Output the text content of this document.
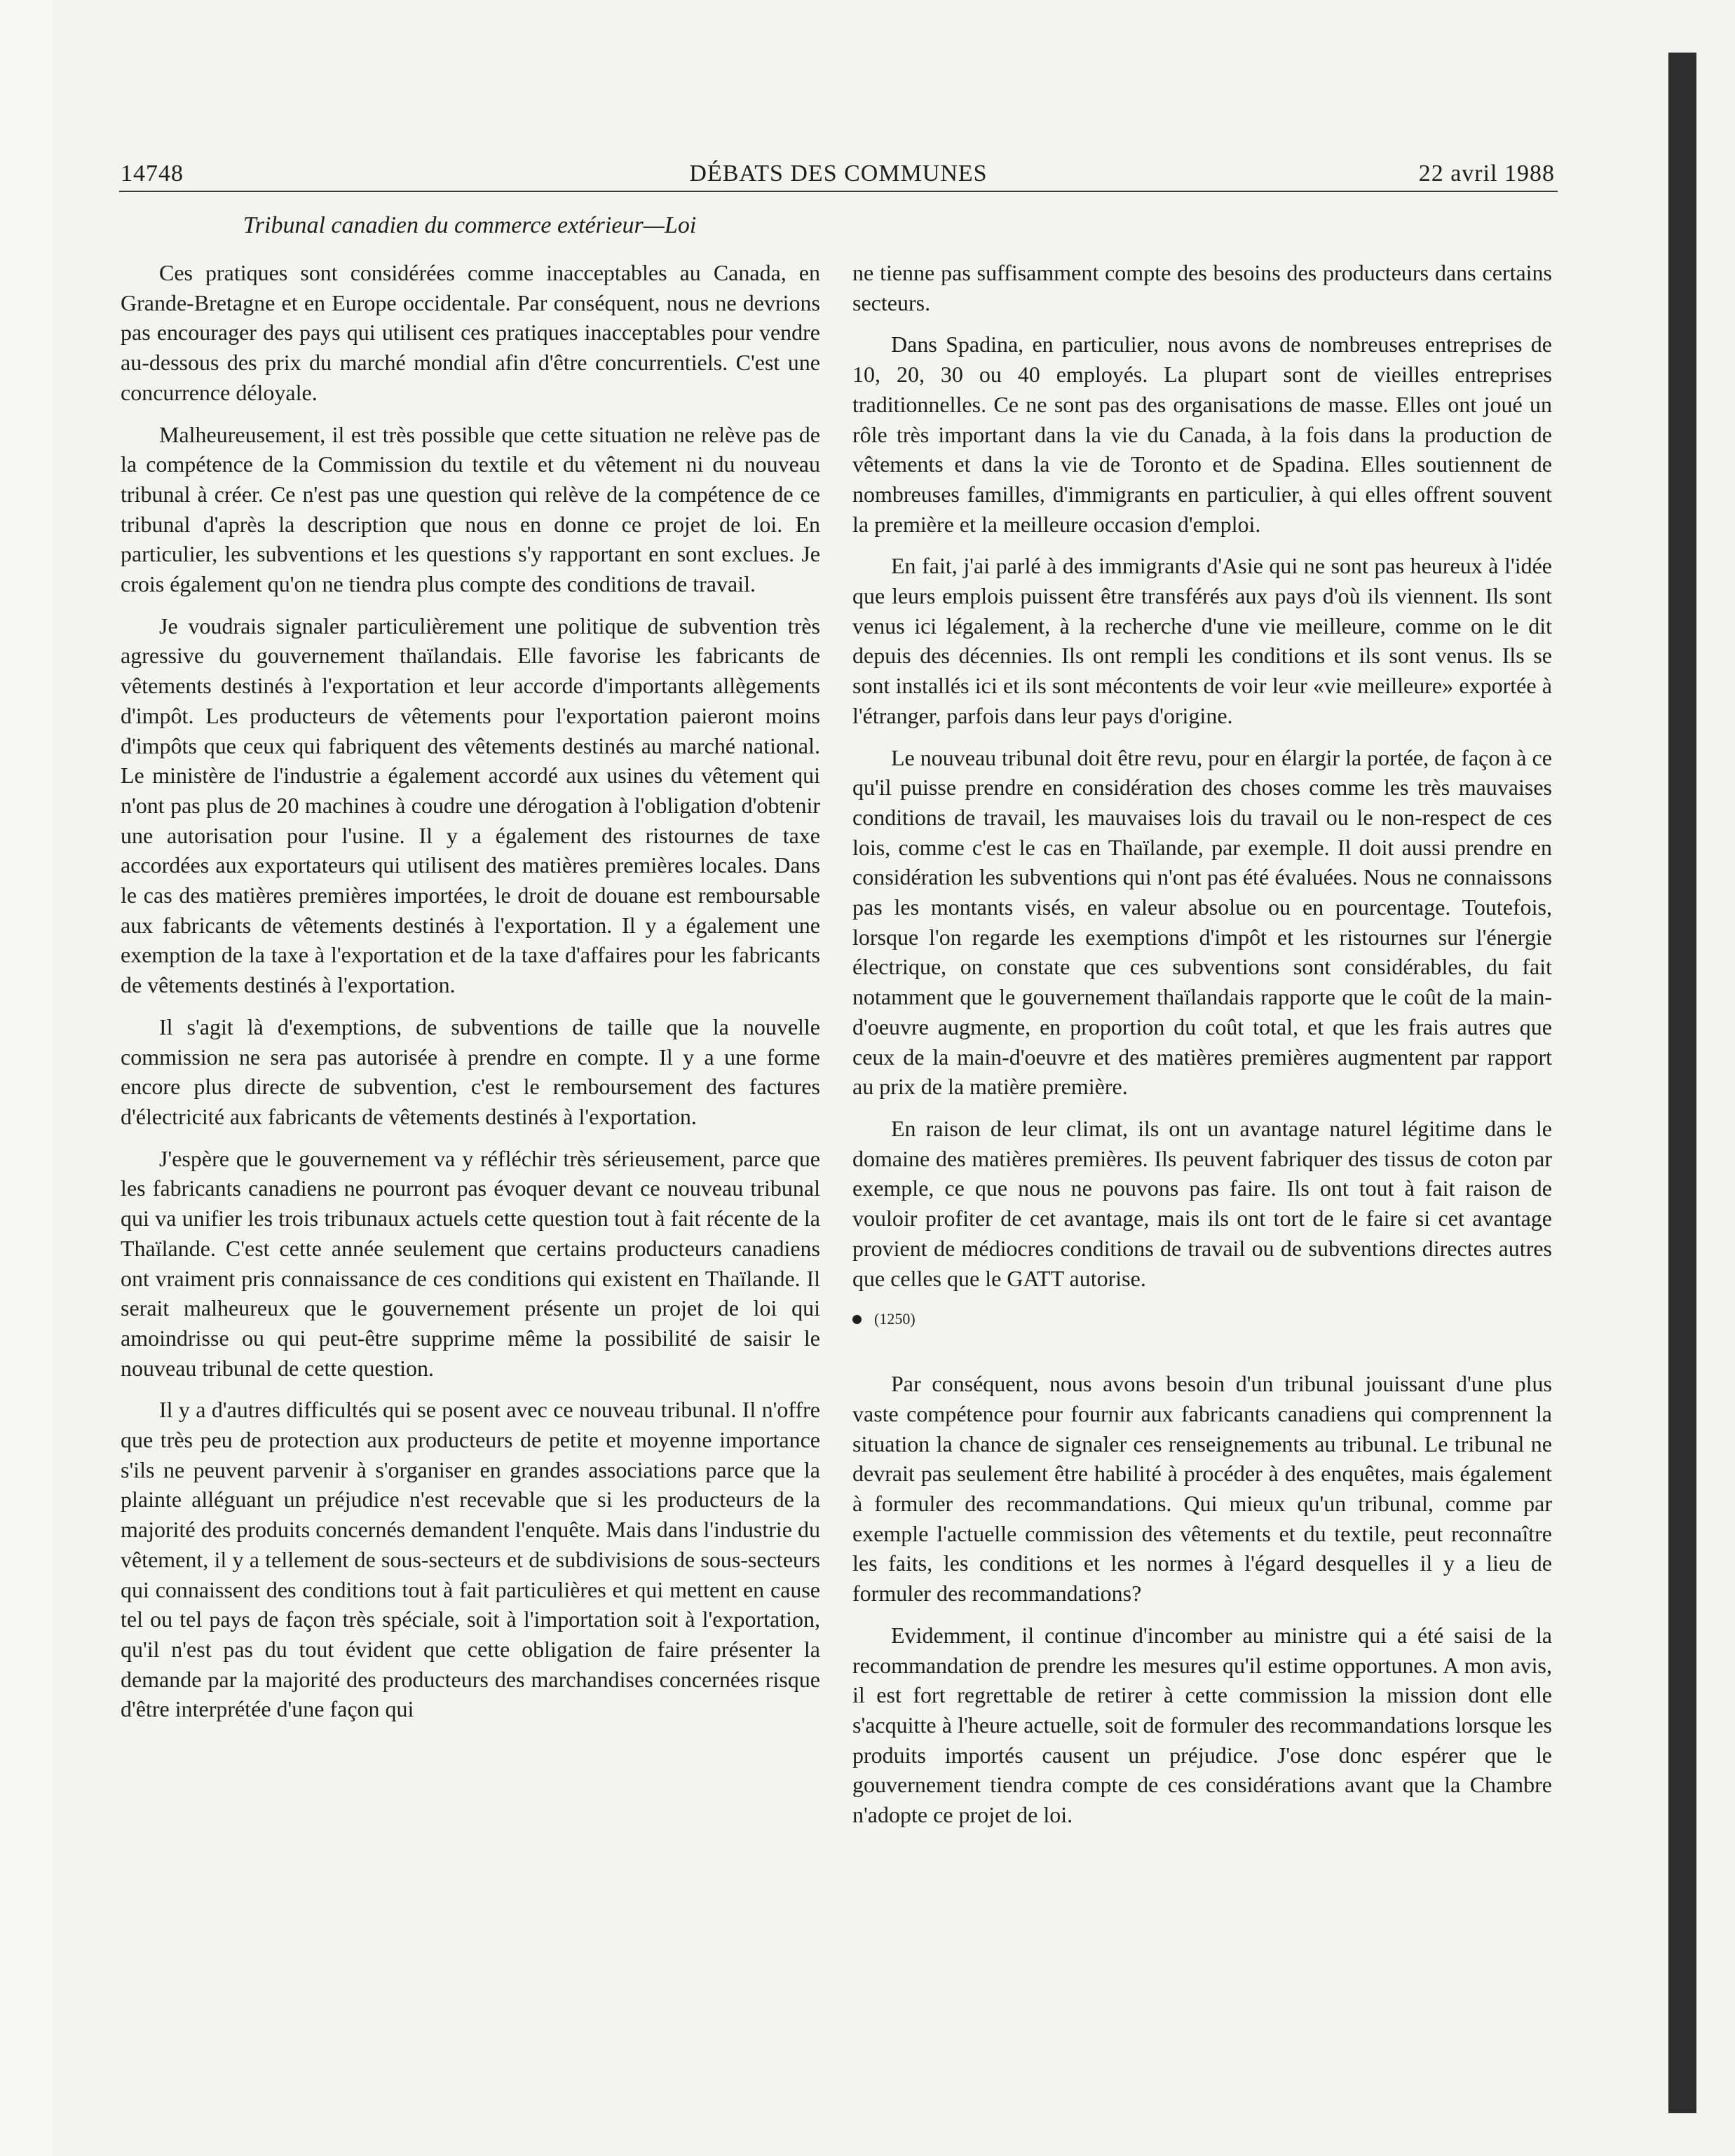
14748	DÉBATS DES COMMUNES	22 avril 1988
Tribunal canadien du commerce extérieur—Loi

Ces pratiques sont considérées comme inacceptables au Canada, en Grande-Bretagne et en Europe occidentale. Par conséquent, nous ne devrions pas encourager des pays qui utilisent ces pratiques inacceptables pour vendre au-dessous des prix du marché mondial afin d'être concurrentiels. C'est une concurrence déloyale.

Malheureusement, il est très possible que cette situation ne relève pas de la compétence de la Commission du textile et du vêtement ni du nouveau tribunal à créer. Ce n'est pas une question qui relève de la compétence de ce tribunal d'après la description que nous en donne ce projet de loi. En particulier, les subventions et les questions s'y rapportant en sont exclues. Je crois également qu'on ne tiendra plus compte des conditions de travail.

Je voudrais signaler particulièrement une politique de subvention très agressive du gouvernement thaïlandais. Elle favorise les fabricants de vêtements destinés à l'exportation et leur accorde d'importants allègements d'impôt. Les producteurs de vêtements pour l'exportation paieront moins d'impôts que ceux qui fabriquent des vêtements destinés au marché national. Le ministère de l'industrie a également accordé aux usines du vêtement qui n'ont pas plus de 20 machines à coudre une dérogation à l'obligation d'obtenir une autorisation pour l'usine. Il y a également des ristournes de taxe accordées aux exportateurs qui utilisent des matières premières locales. Dans le cas des matières premières importées, le droit de douane est remboursable aux fabricants de vêtements destinés à l'exportation. Il y a également une exemption de la taxe à l'exportation et de la taxe d'affaires pour les fabricants de vêtements destinés à l'exportation.

Il s'agit là d'exemptions, de subventions de taille que la nouvelle commission ne sera pas autorisée à prendre en compte. Il y a une forme encore plus directe de subvention, c'est le remboursement des factures d'électricité aux fabricants de vêtements destinés à l'exportation.

J'espère que le gouvernement va y réfléchir très sérieusement, parce que les fabricants canadiens ne pourront pas évoquer devant ce nouveau tribunal qui va unifier les trois tribunaux actuels cette question tout à fait récente de la Thaïlande. C'est cette année seulement que certains producteurs canadiens ont vraiment pris connaissance de ces conditions qui existent en Thaïlande. Il serait malheureux que le gouvernement présente un projet de loi qui amoindrisse ou qui peut-être supprime même la possibilité de saisir le nouveau tribunal de cette question.

Il y a d'autres difficultés qui se posent avec ce nouveau tribunal. Il n'offre que très peu de protection aux producteurs de petite et moyenne importance s'ils ne peuvent parvenir à s'organiser en grandes associations parce que la plainte alléguant un préjudice n'est recevable que si les producteurs de la majorité des produits concernés demandent l'enquête. Mais dans l'industrie du vêtement, il y a tellement de sous-secteurs et de subdivisions de sous-secteurs qui connaissent des conditions tout à fait particulières et qui mettent en cause tel ou tel pays de façon très spéciale, soit à l'importation soit à l'exportation, qu'il n'est pas du tout évident que cette obligation de faire présenter la demande par la majorité des producteurs des marchandises concernées risque d'être interprétée d'une façon qui

ne tienne pas suffisamment compte des besoins des producteurs dans certains secteurs.

Dans Spadina, en particulier, nous avons de nombreuses entreprises de 10, 20, 30 ou 40 employés. La plupart sont de vieilles entreprises traditionnelles. Ce ne sont pas des organisations de masse. Elles ont joué un rôle très important dans la vie du Canada, à la fois dans la production de vêtements et dans la vie de Toronto et de Spadina. Elles soutiennent de nombreuses familles, d'immigrants en particulier, à qui elles offrent souvent la première et la meilleure occasion d'emploi.

En fait, j'ai parlé à des immigrants d'Asie qui ne sont pas heureux à l'idée que leurs emplois puissent être transférés aux pays d'où ils viennent. Ils sont venus ici légalement, à la recherche d'une vie meilleure, comme on le dit depuis des décennies. Ils ont rempli les conditions et ils sont venus. Ils se sont installés ici et ils sont mécontents de voir leur «vie meilleure» exportée à l'étranger, parfois dans leur pays d'origine.

Le nouveau tribunal doit être revu, pour en élargir la portée, de façon à ce qu'il puisse prendre en considération des choses comme les très mauvaises conditions de travail, les mauvaises lois du travail ou le non-respect de ces lois, comme c'est le cas en Thaïlande, par exemple. Il doit aussi prendre en considération les subventions qui n'ont pas été évaluées. Nous ne connaissons pas les montants visés, en valeur absolue ou en pourcentage. Toutefois, lorsque l'on regarde les exemptions d'impôt et les ristournes sur l'énergie électrique, on constate que ces subventions sont considérables, du fait notamment que le gouvernement thaïlandais rapporte que le coût de la main-d'oeuvre augmente, en proportion du coût total, et que les frais autres que ceux de la main-d'oeuvre et des matières premières augmentent par rapport au prix de la matière première.

En raison de leur climat, ils ont un avantage naturel légitime dans le domaine des matières premières. Ils peuvent fabriquer des tissus de coton par exemple, ce que nous ne pouvons pas faire. Ils ont tout à fait raison de vouloir profiter de cet avantage, mais ils ont tort de le faire si cet avantage provient de médiocres conditions de travail ou de subventions directes autres que celles que le GATT autorise.

(1250)

Par conséquent, nous avons besoin d'un tribunal jouissant d'une plus vaste compétence pour fournir aux fabricants canadiens qui comprennent la situation la chance de signaler ces renseignements au tribunal. Le tribunal ne devrait pas seulement être habilité à procéder à des enquêtes, mais également à formuler des recommandations. Qui mieux qu'un tribunal, comme par exemple l'actuelle commission des vêtements et du textile, peut reconnaître les faits, les conditions et les normes à l'égard desquelles il y a lieu de formuler des recommandations?

Evidemment, il continue d'incomber au ministre qui a été saisi de la recommandation de prendre les mesures qu'il estime opportunes. A mon avis, il est fort regrettable de retirer à cette commission la mission dont elle s'acquitte à l'heure actuelle, soit de formuler des recommandations lorsque les produits importés causent un préjudice. J'ose donc espérer que le gouvernement tiendra compte de ces considérations avant que la Chambre n'adopte ce projet de loi.
